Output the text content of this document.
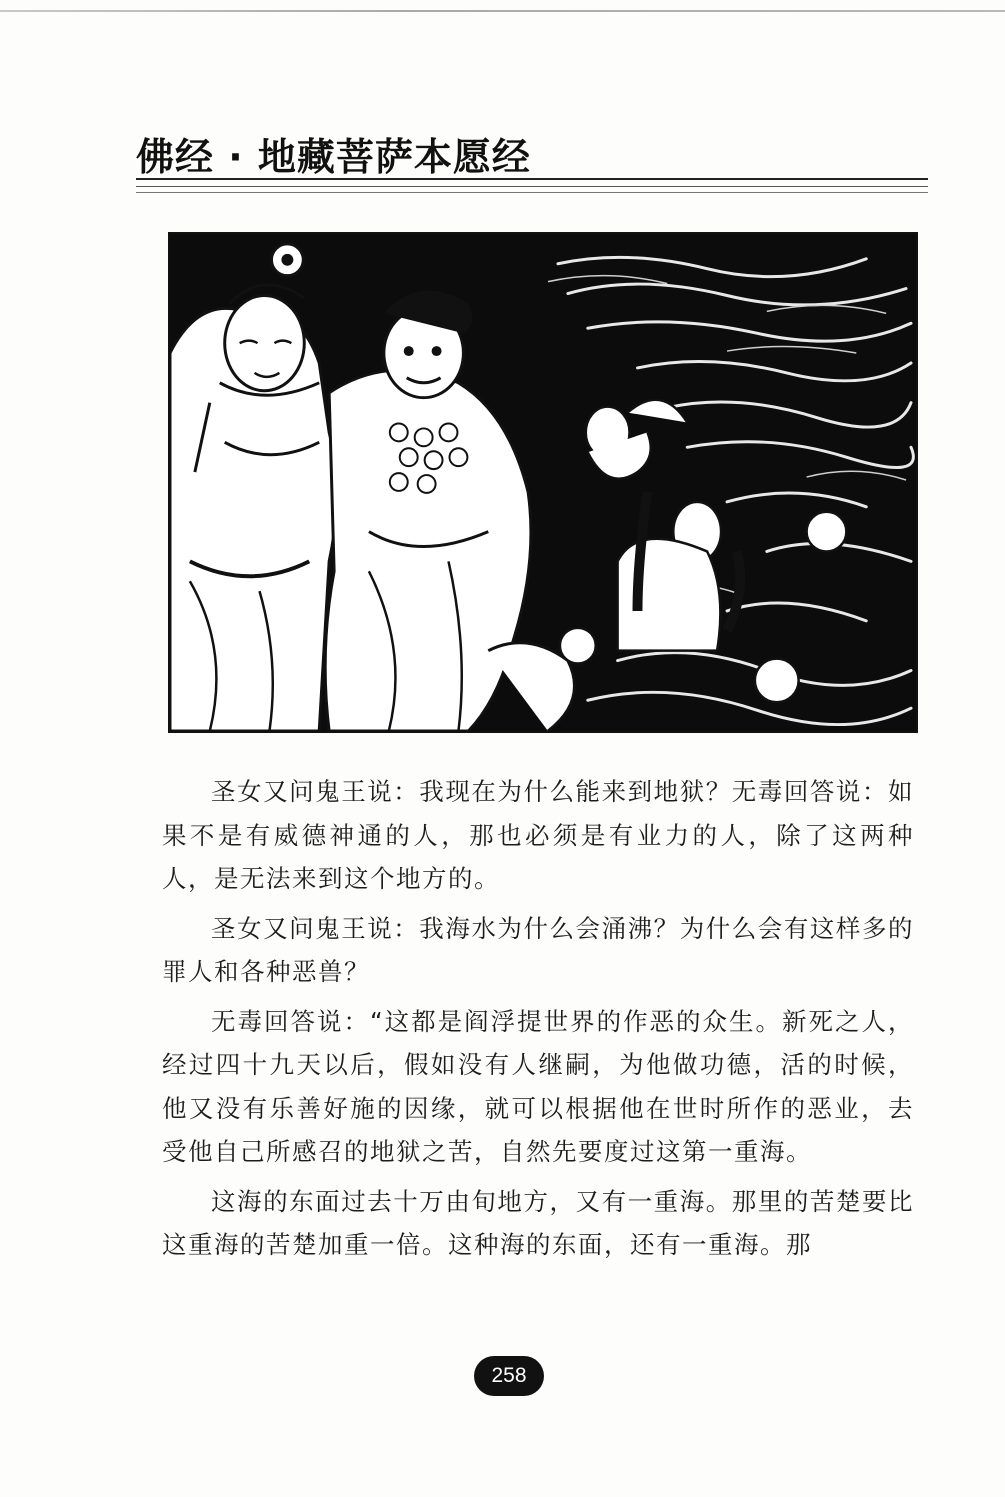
佛经 · 地藏菩萨本愿经

圣女又问鬼王说：我现在为什么能来到地狱？无毒回答说：如果不是有威德神通的人，那也必须是有业力的人，除了这两种人，是无法来到这个地方的。

圣女又问鬼王说：我海水为什么会涌沸？为什么会有这样多的罪人和各种恶兽？

无毒回答说：“这都是阎浮提世界的作恶的众生。新死之人，经过四十九天以后，假如没有人继嗣，为他做功德，活的时候，他又没有乐善好施的因缘，就可以根据他在世时所作的恶业，去受他自己所感召的地狱之苦，自然先要度过这第一重海。

这海的东面过去十万由旬地方，又有一重海。那里的苦楚要比这重海的苦楚加重一倍。这种海的东面，还有一重海。那

258
